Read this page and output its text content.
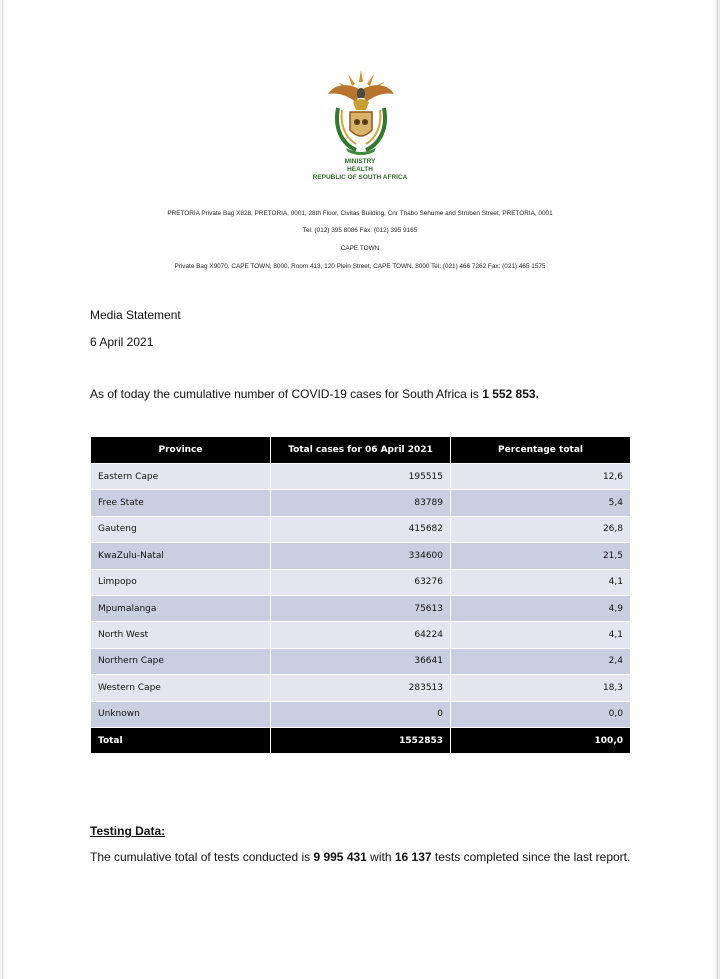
MINISTRY
HEALTH
REPUBLIC OF SOUTH AFRICA
PRETORIA Private Bag X828, PRETORIA, 0001, 28th Floor, Civitas Building, Cnr Thabo Sehume and Struben Street, PRETORIA, 0001
Tel: (012) 395 8086 Fax: (012) 395 9165
CAPE TOWN
Private Bag X9070, CAPE TOWN, 8000, Room 413, 120 Plein Street, CAPE TOWN, 8000 Tel: (021) 466 7262 Fax: (021) 465 1575
Media Statement
6 April 2021
As of today the cumulative number of COVID-19 cases for South Africa is 1 552 853.
Province	Total cases for 06 April 2021	Percentage total
Eastern Cape	195515	12,6
Free State	83789	5,4
Gauteng	415682	26,8
KwaZulu-Natal	334600	21,5
Limpopo	63276	4,1
Mpumalanga	75613	4,9
North West	64224	4,1
Northern Cape	36641	2,4
Western Cape	283513	18,3
Unknown	0	0,0
Total	1552853	100,0
Testing Data:
The cumulative total of tests conducted is 9 995 431 with 16 137 tests completed since the last report.
